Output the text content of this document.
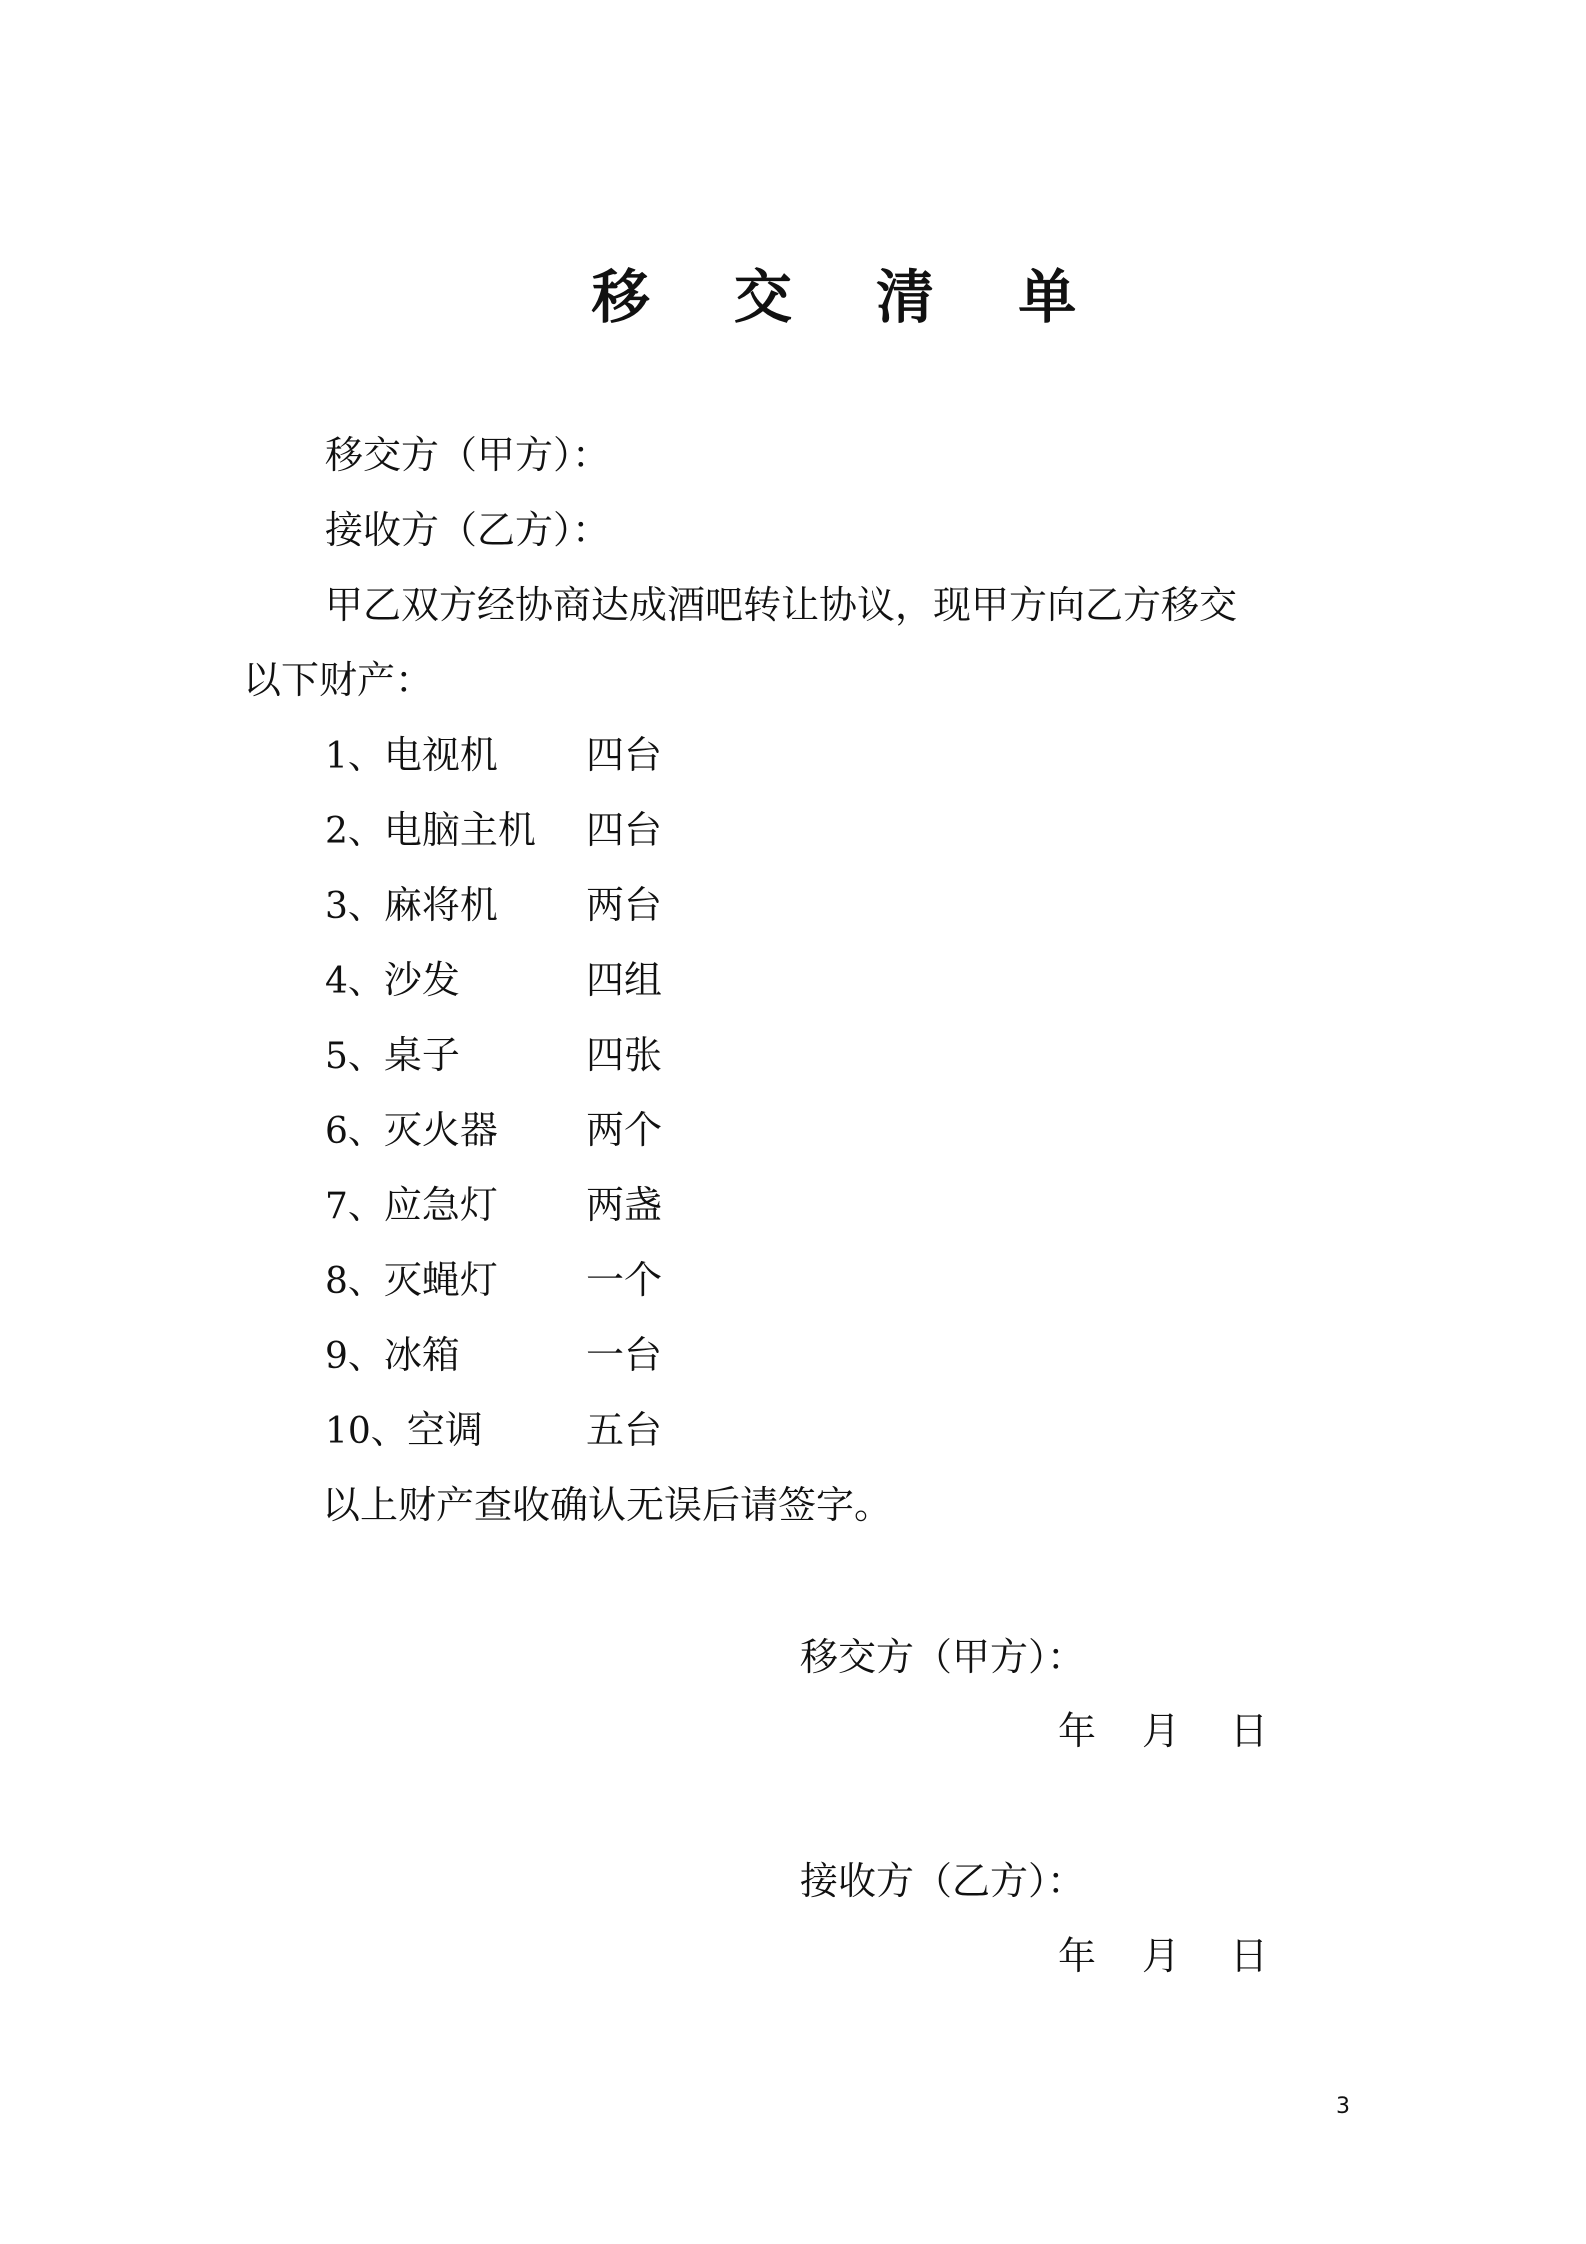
移 交 清 单
移交方（甲方）：
接收方（乙方）：
甲乙双方经协商达成酒吧转让协议，现甲方向乙方移交
以下财产：
1、电视机 四台
2、电脑主机 四台
3、麻将机 两台
4、沙发	四组
5、桌子	四张
6、灭火器 两个
7、应急灯 两盏
8、灭蝇灯 一个
9、冰箱	一台
10、空调	五台
以上财产查收确认无误后请签字。
移交方（甲方）：
年 月 日
接收方（乙方）：
年 月 日
3
